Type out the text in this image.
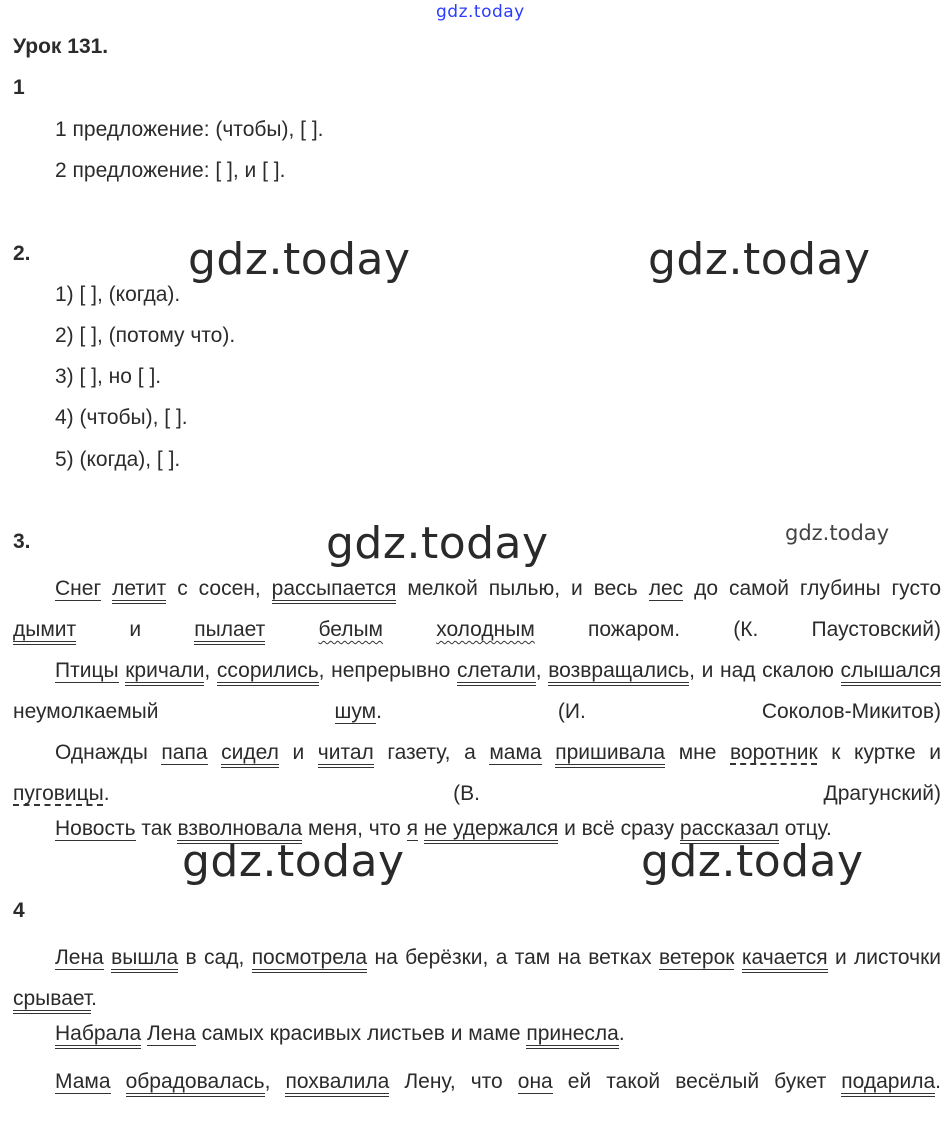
gdz.today
Урок 131.
1
1 предложение: (чтобы), [ ].
2 предложение: [ ], и [ ].
2.	gdz.today	gdz.today
1) [ ], (когда).
2) [ ], (потому что).
3) [ ], но [ ].
4) (чтобы), [ ].
5) (когда), [ ].
3.	gdz.today	gdz.today
Снег летит с сосен, рассыпается мелкой пылью, и весь лес до самой глубины густо дымит и пылает	белым	холодным пожаром. (К. Паустовский)
Птицы кричали, ссорились, непрерывно слетали, возвращались, и над скалою слышался неумолкаемый шум. (И. Соколов-Микитов)
Однажды папа сидел и читал газету, а мама пришивала мне воротник к куртке и пуговицы. (В. Драгунский)
Новость так взволновала меня, что я не удержался и всё сразу рассказал отцу.
gdz.today	gdz.today
4
Лена вышла в сад, посмотрела на берёзки, а там на ветках ветерок качается и листочки срывает.
Набрала Лена самых красивых листьев и маме принесла.
Мама обрадовалась, похвалила Лену, что она ей такой весёлый букет подарила.
